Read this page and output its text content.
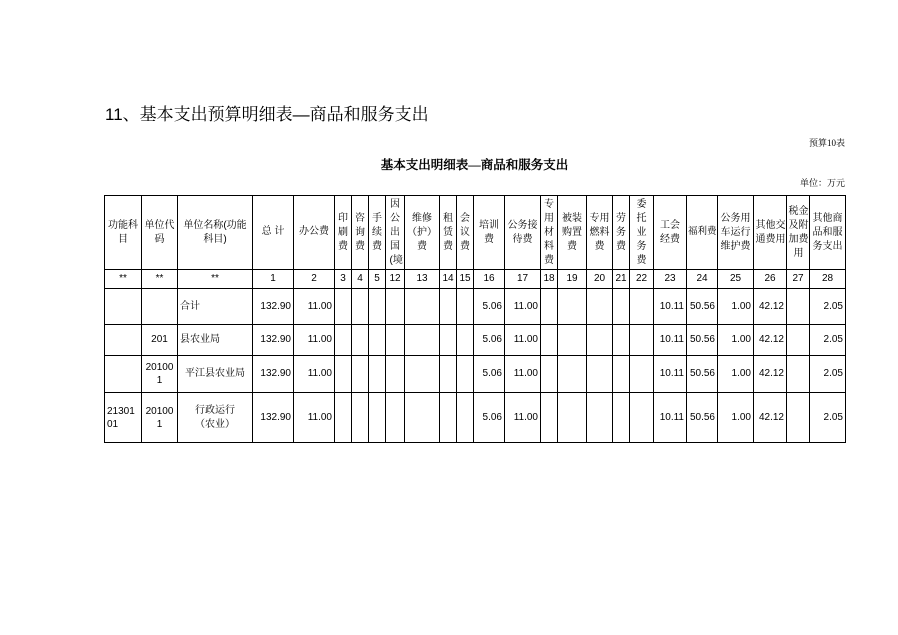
11、基本支出预算明细表—商品和服务支出
预算10表
基本支出明细表—商品和服务支出
单位：万元
功能科目	单位代码	单位名称(功能科目)	总 计	办公费	印刷费	咨询费	手续费	因公出国(境	维修（护）费	租赁费	会议费	培训费	公务接待费	专用材料费	被装购置费	专用燃料费	劳务费	委托业务费	工会经费	福利费	公务用车运行维护费	其他交通费用	税金及附加费用	其他商品和服务支出
**	**	**	1	2	3	4	5	12	13	14	15	16	17	18	19	20	21	22	23	24	25	26	27	28
		合计	132.90	11.00								5.06	11.00						10.11	50.56	1.00	42.12		2.05
	201	县农业局	132.90	11.00								5.06	11.00						10.11	50.56	1.00	42.12		2.05
	201001	平江县农业局	132.90	11.00								5.06	11.00						10.11	50.56	1.00	42.12		2.05
2130101	201001	行政运行（农业）	132.90	11.00								5.06	11.00						10.11	50.56	1.00	42.12		2.05
